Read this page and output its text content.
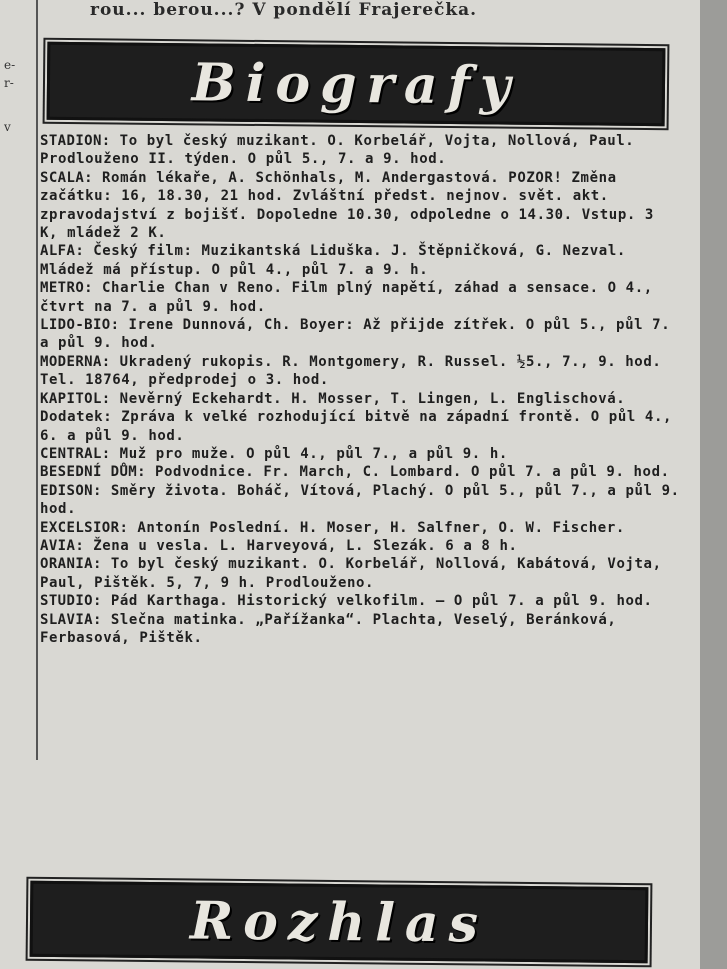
e-
r-
v
rou... berou...? V pondělí Frajerečka.
Biografy
STADION: To byl český muzikant. O. Korbelář, Vojta, Nollová, Paul. Prodlouženo II. týden. O půl 5., 7. a 9. hod.
SCALA: Román lékaře, A. Schönhals, M. Andergastová. POZOR! Změna začátku: 16, 18.30, 21 hod. Zvláštní předst. nejnov. svět. akt. zpravodajství z bojišť. Dopoledne 10.30, odpoledne o 14.30. Vstup. 3 K, mládež 2 K.
ALFA: Český film: Muzikantská Liduška. J. Štěpničková, G. Nezval. Mládež má přístup. O půl 4., půl 7. a 9. h.
METRO: Charlie Chan v Reno. Film plný napětí, záhad a sensace. O 4., čtvrt na 7. a půl 9. hod.
LIDO-BIO: Irene Dunnová, Ch. Boyer: Až přijde zítřek. O půl 5., půl 7. a půl 9. hod.
MODERNA: Ukradený rukopis. R. Montgomery, R. Russel. ½5., 7., 9. hod. Tel. 18764, předprodej o 3. hod.
KAPITOL: Nevěrný Eckehardt. H. Mosser, T. Lingen, L. Englischová. Dodatek: Zpráva k velké rozhodující bitvě na západní frontě. O půl 4., 6. a půl 9. hod.
CENTRAL: Muž pro muže. O půl 4., půl 7., a půl 9. h.
BESEDNÍ DŮM: Podvodnice. Fr. March, C. Lombard. O půl 7. a půl 9. hod.
EDISON: Směry života. Boháč, Vítová, Plachý. O půl 5., půl 7., a půl 9. hod.
EXCELSIOR: Antonín Poslední. H. Moser, H. Salfner, O. W. Fischer.
AVIA: Žena u vesla. L. Harveyová, L. Slezák. 6 a 8 h.
ORANIA: To byl český muzikant. O. Korbelář, Nollová, Kabátová, Vojta, Paul, Pištěk. 5, 7, 9 h. Prodlouženo.
STUDIO: Pád Karthaga. Historický velkofilm. — O půl 7. a půl 9. hod.
SLAVIA: Slečna matinka. „Pařížanka“. Plachta, Veselý, Beránková, Ferbasová, Pištěk.
Rozhlas
